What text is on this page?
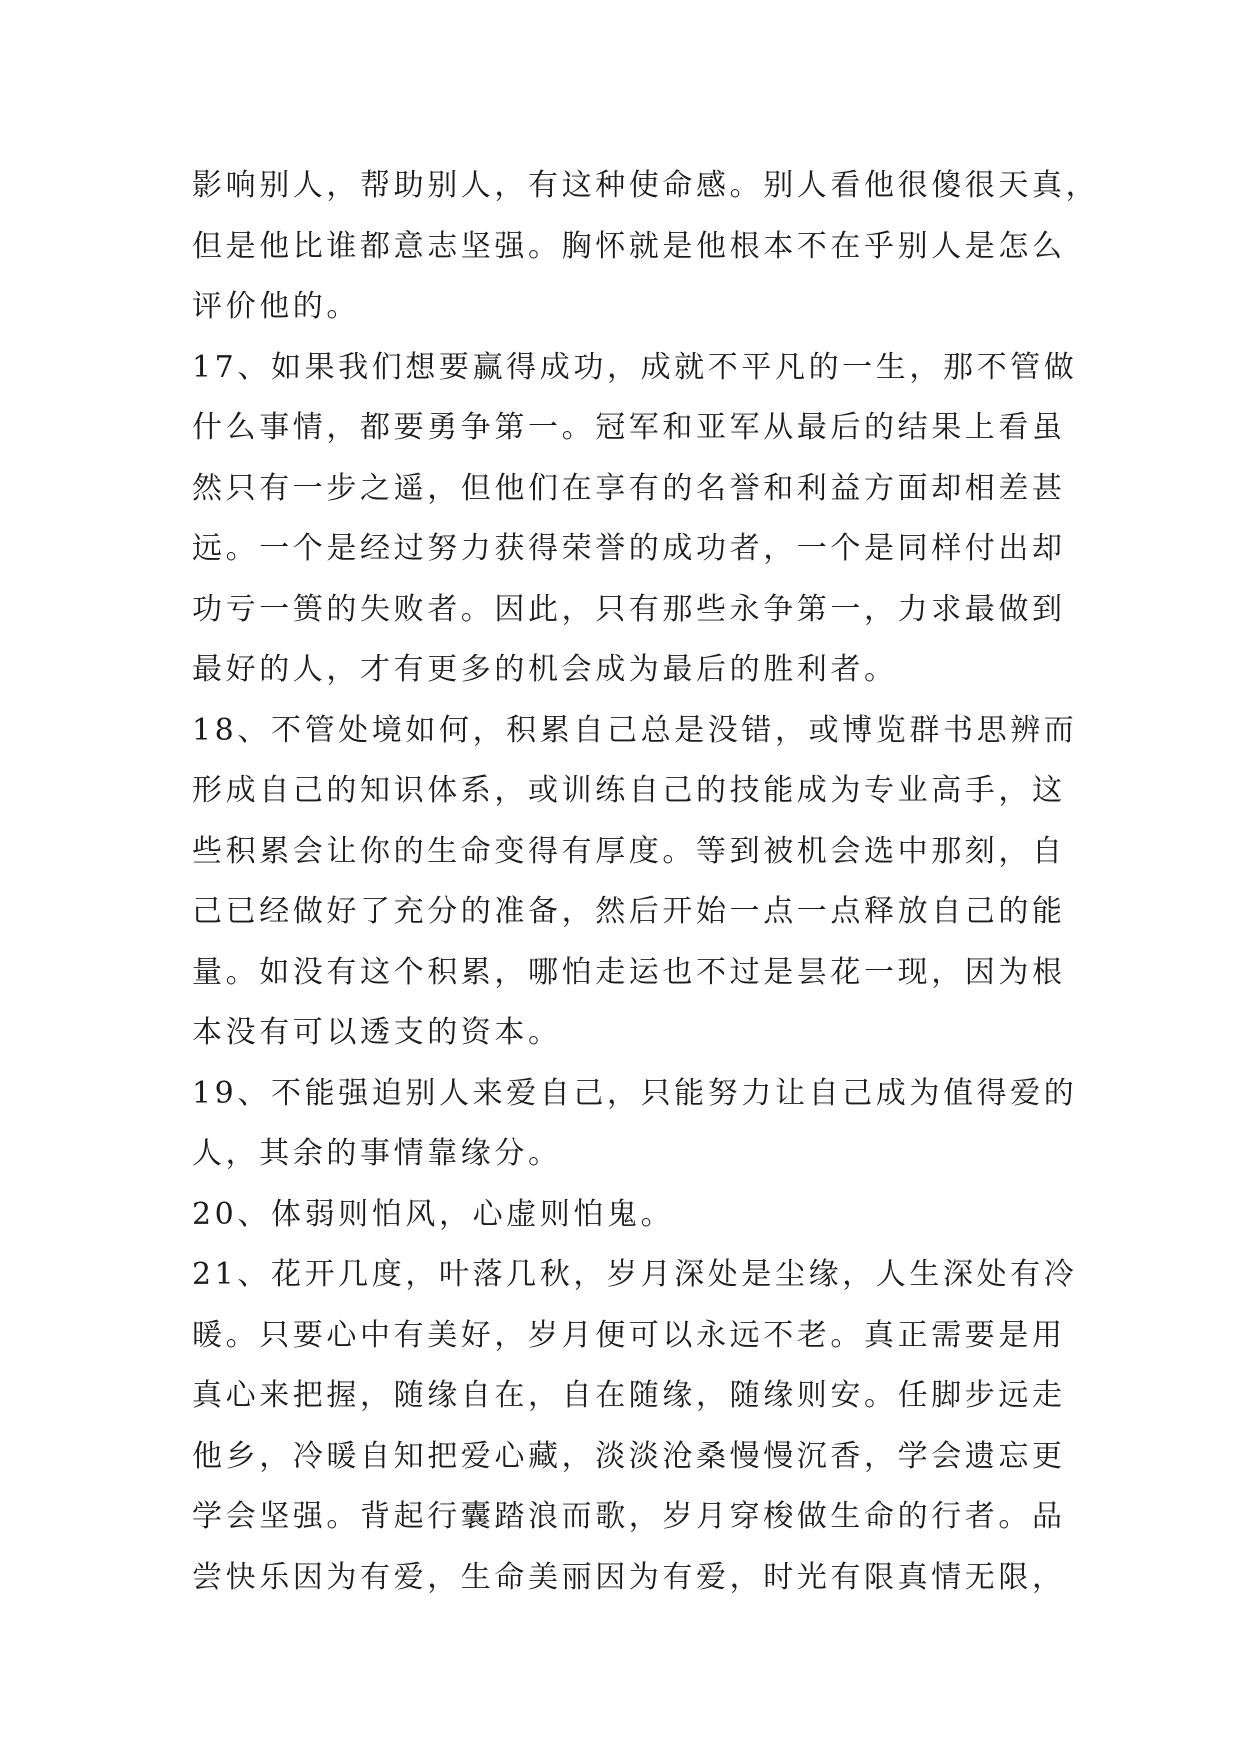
影响别人，帮助别人，有这种使命感。别人看他很傻很天真，
但是他比谁都意志坚强。胸怀就是他根本不在乎别人是怎么
评价他的。
17、如果我们想要赢得成功，成就不平凡的一生，那不管做
什么事情，都要勇争第一。冠军和亚军从最后的结果上看虽
然只有一步之遥，但他们在享有的名誉和利益方面却相差甚
远。一个是经过努力获得荣誉的成功者，一个是同样付出却
功亏一篑的失败者。因此，只有那些永争第一，力求最做到
最好的人，才有更多的机会成为最后的胜利者。
18、不管处境如何，积累自己总是没错，或博览群书思辨而
形成自己的知识体系，或训练自己的技能成为专业高手，这
些积累会让你的生命变得有厚度。等到被机会选中那刻，自
己已经做好了充分的准备，然后开始一点一点释放自己的能
量。如没有这个积累，哪怕走运也不过是昙花一现，因为根
本没有可以透支的资本。
19、不能强迫别人来爱自己，只能努力让自己成为值得爱的
人，其余的事情靠缘分。
20、体弱则怕风，心虚则怕鬼。
21、花开几度，叶落几秋，岁月深处是尘缘，人生深处有冷
暖。只要心中有美好，岁月便可以永远不老。真正需要是用
真心来把握，随缘自在，自在随缘，随缘则安。任脚步远走
他乡，冷暖自知把爱心藏，淡淡沧桑慢慢沉香，学会遗忘更
学会坚强。背起行囊踏浪而歌，岁月穿梭做生命的行者。品
尝快乐因为有爱，生命美丽因为有爱，时光有限真情无限，
